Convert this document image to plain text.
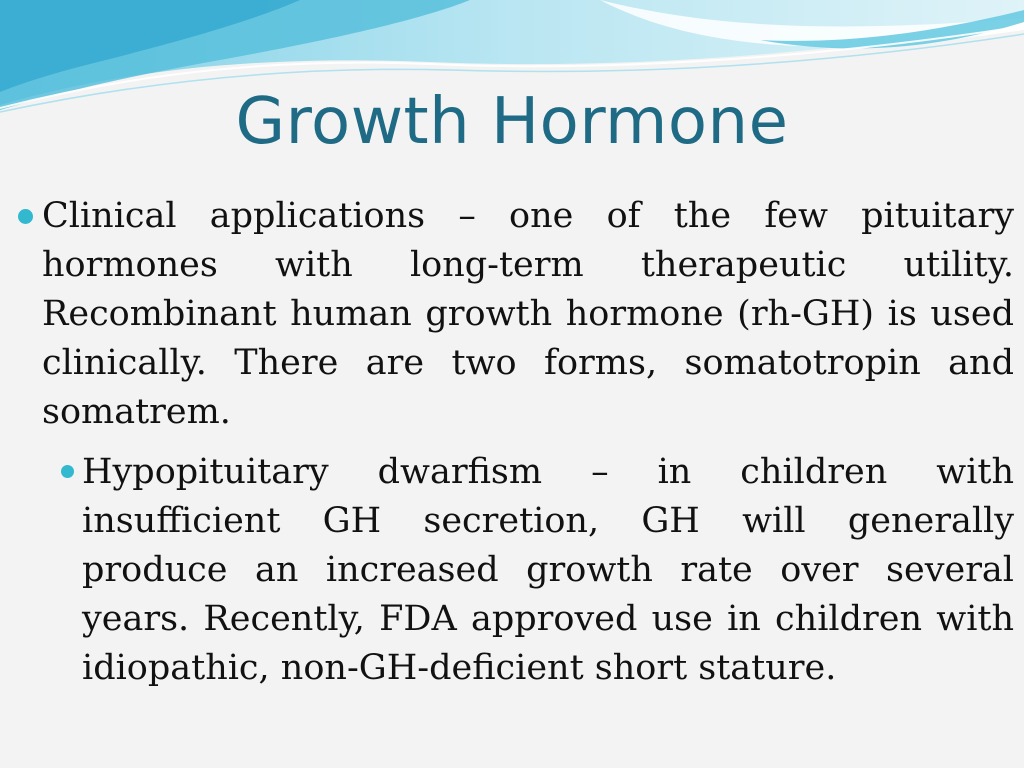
Growth Hormone
Clinical applications – one of the few pituitary hormones with long-term therapeutic utility. Recombinant human growth hormone (rh-GH) is used clinically. There are two forms, somatotropin and somatrem.
Hypopituitary dwarfism – in children with insufficient GH secretion, GH will generally produce an increased growth rate over several years. Recently, FDA approved use in children with idiopathic, non-GH-deficient short stature.
